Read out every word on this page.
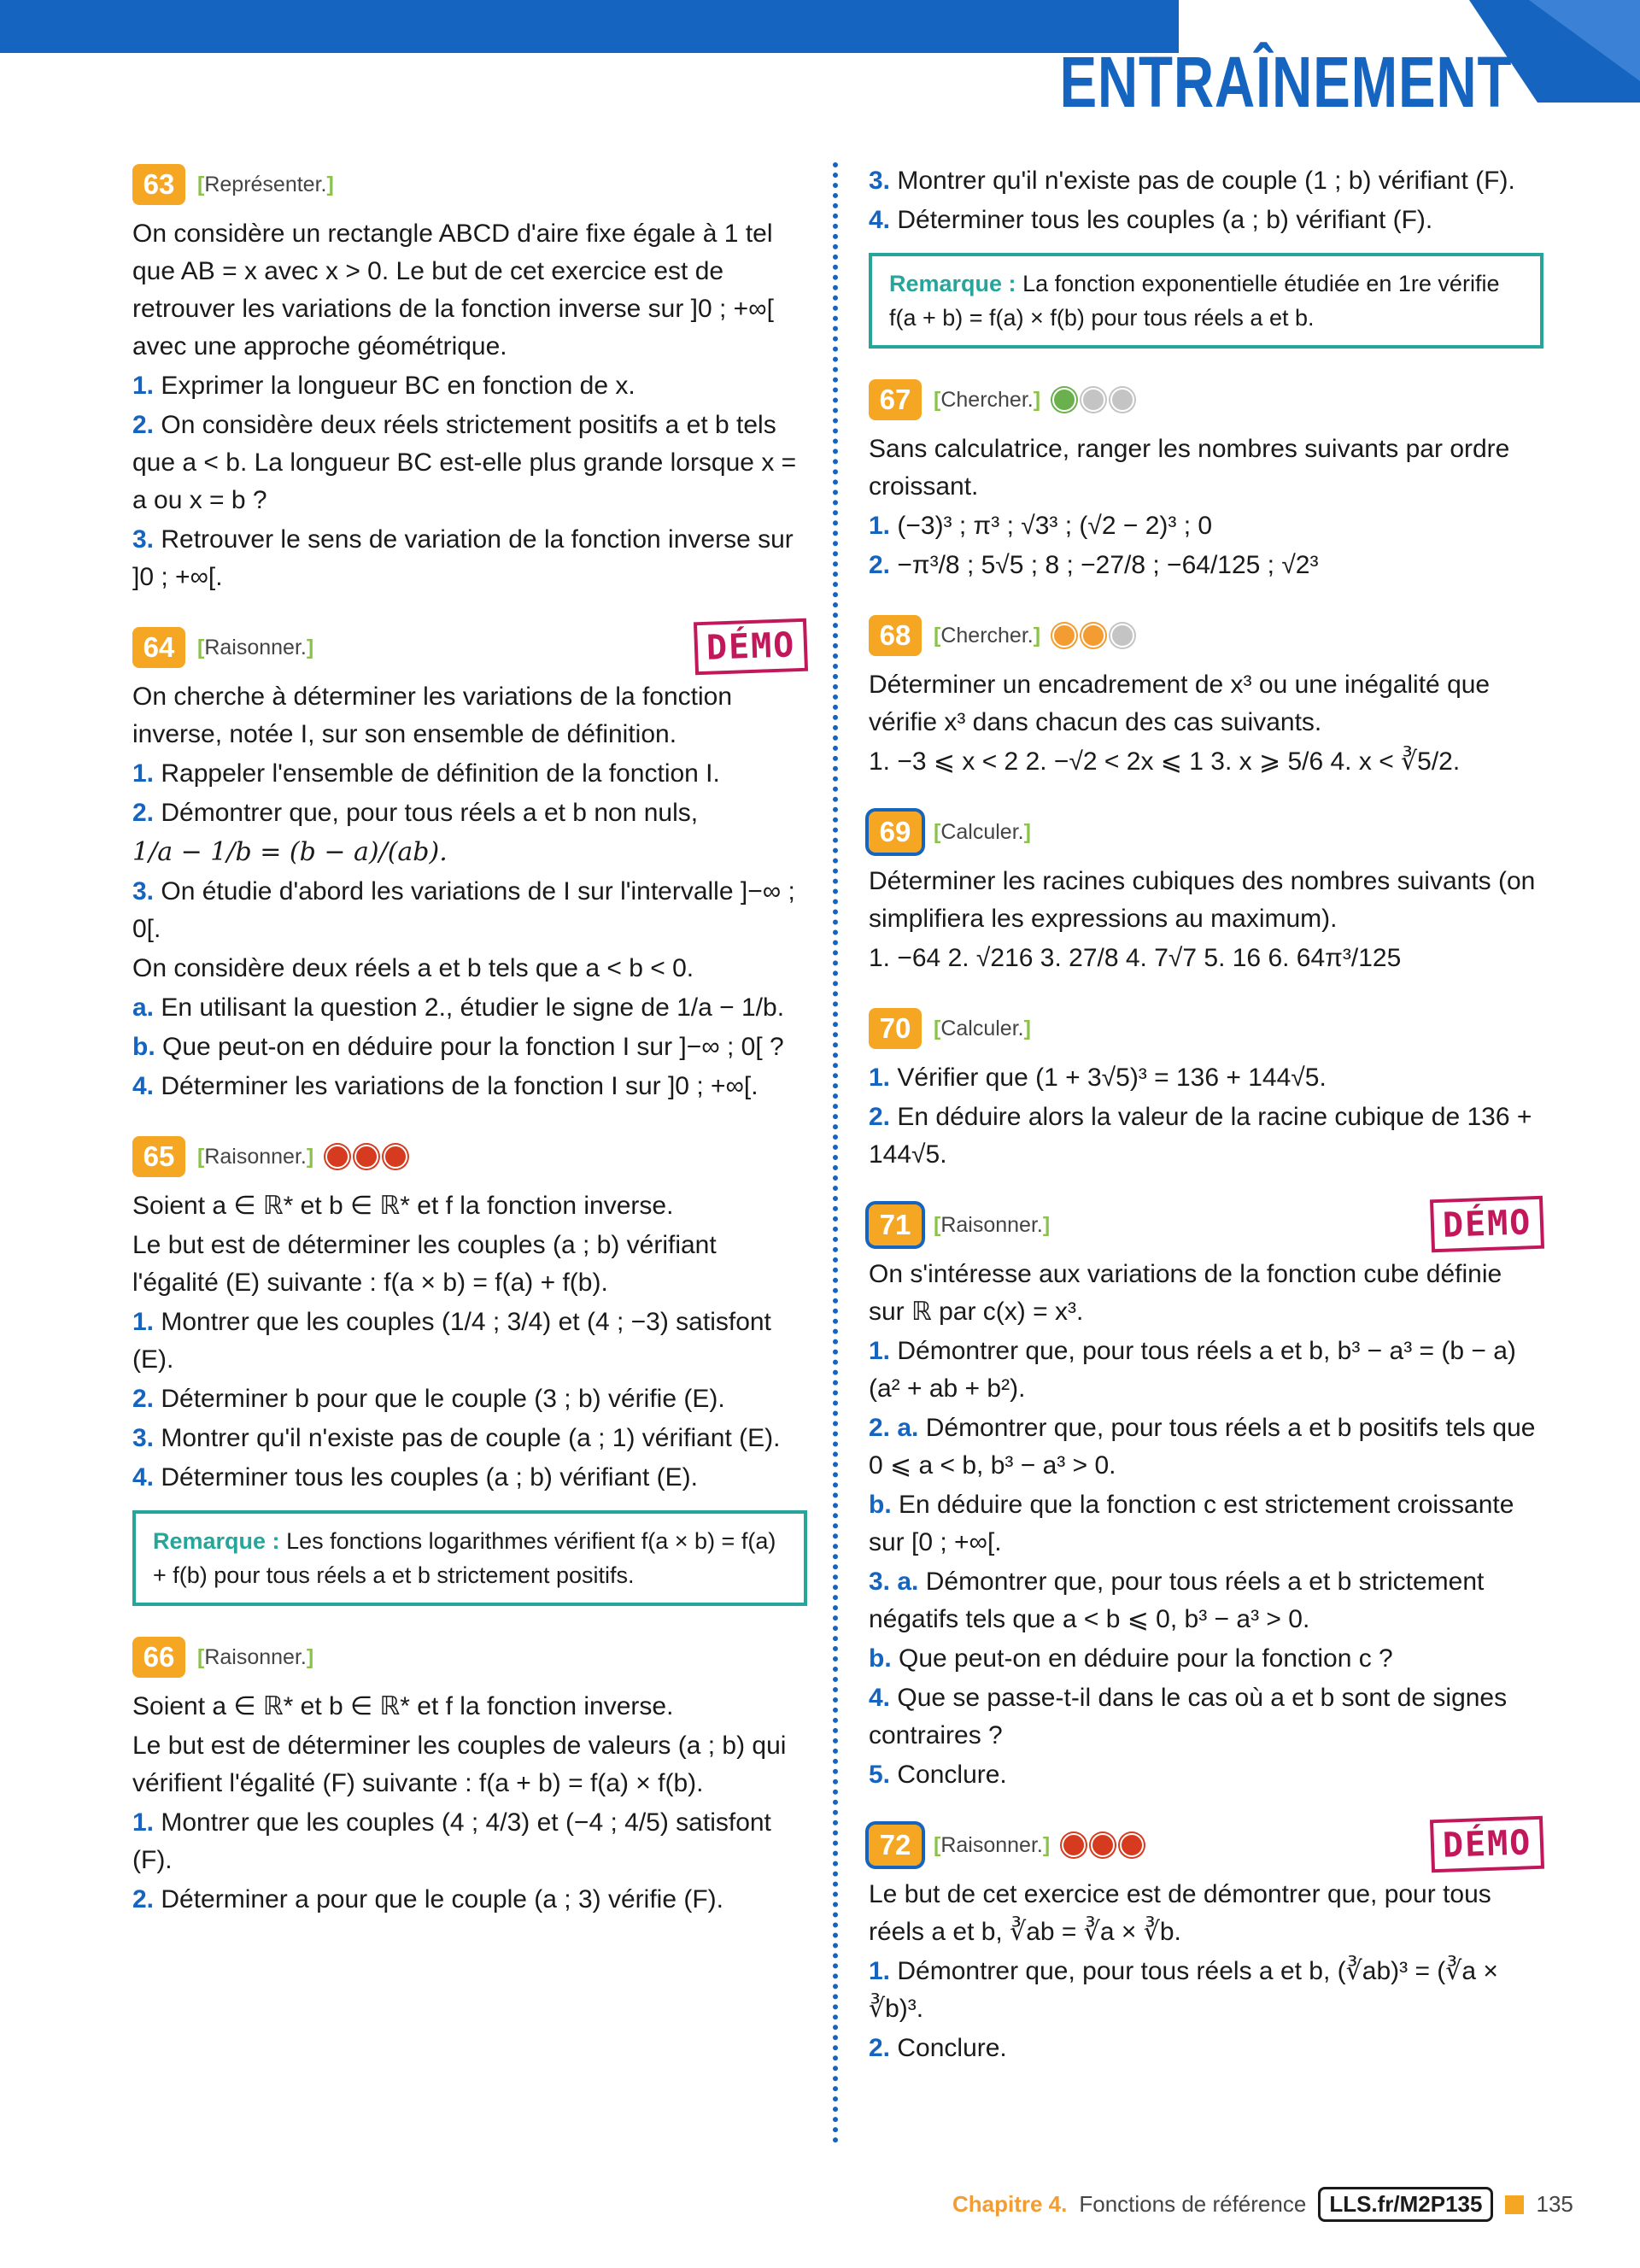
ENTRAÎNEMENT
63	[Représenter.]

On considère un rectangle ABCD d'aire fixe égale à 1 tel que AB = x avec x > 0. Le but de cet exercice est de retrouver les variations de la fonction inverse sur ]0 ; +∞[ avec une approche géométrique.

1. Exprimer la longueur BC en fonction de x.

2. On considère deux réels strictement positifs a et b tels que a < b. La longueur BC est-elle plus grande lorsque x = a ou x = b ?

3. Retrouver le sens de variation de la fonction inverse sur ]0 ; +∞[.

64	[Raisonner.]	DÉMO

On cherche à déterminer les variations de la fonction inverse, notée I, sur son ensemble de définition.

1. Rappeler l'ensemble de définition de la fonction I.

2. Démontrer que, pour tous réels a et b non nuls,

1/a − 1/b = (b − a)/(ab).

3. On étudie d'abord les variations de I sur l'intervalle ]−∞ ; 0[.

On considère deux réels a et b tels que a < b < 0.

a. En utilisant la question 2., étudier le signe de 1/a − 1/b.

b. Que peut-on en déduire pour la fonction I sur ]−∞ ; 0[ ?

4. Déterminer les variations de la fonction I sur ]0 ; +∞[.

65	[Raisonner.]

Soient a ∈ ℝ* et b ∈ ℝ* et f la fonction inverse.

Le but est de déterminer les couples (a ; b) vérifiant l'égalité (E) suivante : f(a × b) = f(a) + f(b).

1. Montrer que les couples (1/4 ; 3/4) et (4 ; −3) satisfont (E).

2. Déterminer b pour que le couple (3 ; b) vérifie (E).

3. Montrer qu'il n'existe pas de couple (a ; 1) vérifiant (E).

4. Déterminer tous les couples (a ; b) vérifiant (E).

Remarque : Les fonctions logarithmes vérifient f(a × b) = f(a) + f(b) pour tous réels a et b strictement positifs.
66	[Raisonner.]

Soient a ∈ ℝ* et b ∈ ℝ* et f la fonction inverse.

Le but est de déterminer les couples de valeurs (a ; b) qui vérifient l'égalité (F) suivante : f(a + b) = f(a) × f(b).

1. Montrer que les couples (4 ; 4/3) et (−4 ; 4/5) satisfont (F).

2. Déterminer a pour que le couple (a ; 3) vérifie (F).

3. Montrer qu'il n'existe pas de couple (1 ; b) vérifiant (F).

4. Déterminer tous les couples (a ; b) vérifiant (F).

Remarque : La fonction exponentielle étudiée en 1re vérifie f(a + b) = f(a) × f(b) pour tous réels a et b.
67	[Chercher.]

Sans calculatrice, ranger les nombres suivants par ordre croissant.

1. (−3)³ ; π³ ; √3³ ; (√2 − 2)³ ; 0

2. −π³/8 ; 5√5 ; 8 ; −27/8 ; −64/125 ; √2³

68	[Chercher.]

Déterminer un encadrement de x³ ou une inégalité que vérifie x³ dans chacun des cas suivants.

1. −3 ⩽ x < 2 2. −√2 < 2x ⩽ 1 3. x ⩾ 5/6 4. x < ∛5/2.

69	[Calculer.]

Déterminer les racines cubiques des nombres suivants (on simplifiera les expressions au maximum).

1. −64 2. √216 3. 27/8 4. 7√7 5. 16 6. 64π³/125

70	[Calculer.]

1. Vérifier que (1 + 3√5)³ = 136 + 144√5.

2. En déduire alors la valeur de la racine cubique de 136 + 144√5.

71	[Raisonner.]	DÉMO

On s'intéresse aux variations de la fonction cube définie sur ℝ par c(x) = x³.

1. Démontrer que, pour tous réels a et b, b³ − a³ = (b − a)(a² + ab + b²).

2. a. Démontrer que, pour tous réels a et b positifs tels que 0 ⩽ a < b, b³ − a³ > 0.

b. En déduire que la fonction c est strictement croissante sur [0 ; +∞[.

3. a. Démontrer que, pour tous réels a et b strictement négatifs tels que a < b ⩽ 0, b³ − a³ > 0.

b. Que peut-on en déduire pour la fonction c ?

4. Que se passe-t-il dans le cas où a et b sont de signes contraires ?

5. Conclure.

72	[Raisonner.]	DÉMO

Le but de cet exercice est de démontrer que, pour tous réels a et b, ∛ab = ∛a × ∛b.

1. Démontrer que, pour tous réels a et b, (∛ab)³ = (∛a × ∛b)³.

2. Conclure.

Chapitre 4. Fonctions de référence	LLS.fr/M2P135	135
